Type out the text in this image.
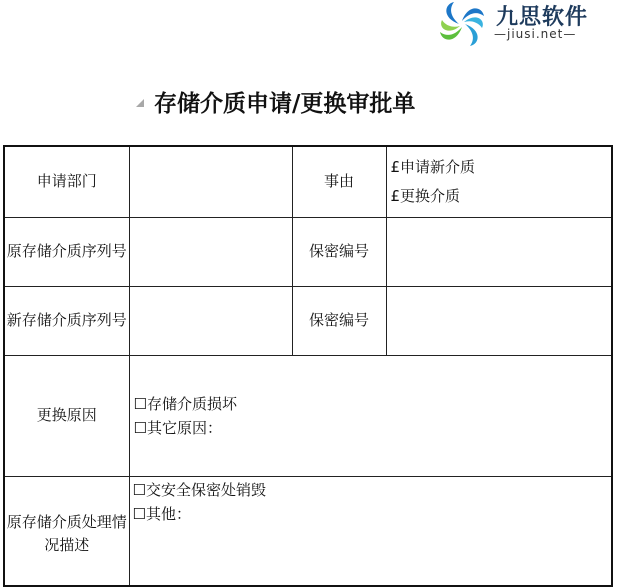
九思软件
—jiusi.net—
存储介质申请/更换审批单
申请部门		事由	£申请新介质
£更换介质

原存储介质序列号		保密编号	
新存储介质序列号		保密编号	
更换原因	☐存储介质损坏
☐其它原因：		

原存储介质处理情况描述	☐交安全保密处销毁
☐其他：		
